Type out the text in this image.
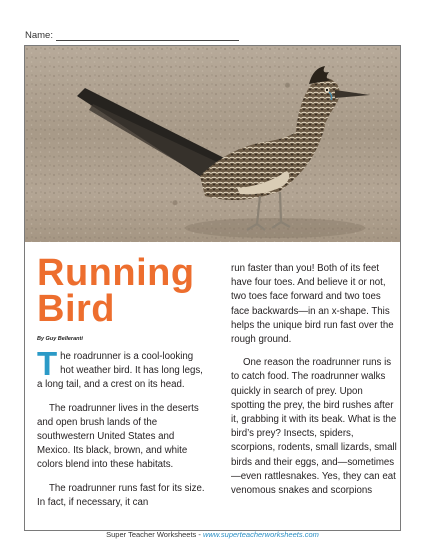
Name:
Running
Bird
By Guy Belleranti

The roadrunner is a cool-looking hot weather bird. It has long legs, a long tail, and a crest on its head.

The roadrunner lives in the deserts and open brush lands of the southwestern United States and Mexico. Its black, brown, and white colors blend into these habitats.

The roadrunner runs fast for its size. In fact, if necessary, it can

run faster than you! Both of its feet have four toes. And believe it or not, two toes face forward and two toes face backwards—in an x-shape. This helps the unique bird run fast over the rough ground.

One reason the roadrunner runs is to catch food. The roadrunner walks quickly in search of prey. Upon spotting the prey, the bird rushes after it, grabbing it with its beak. What is the bird’s prey? Insects, spiders, scorpions, rodents, small lizards, small birds and their eggs, and—sometimes—even rattlesnakes. Yes, they can eat venomous snakes and scorpions

Super Teacher Worksheets - www.superteacherworksheets.com
